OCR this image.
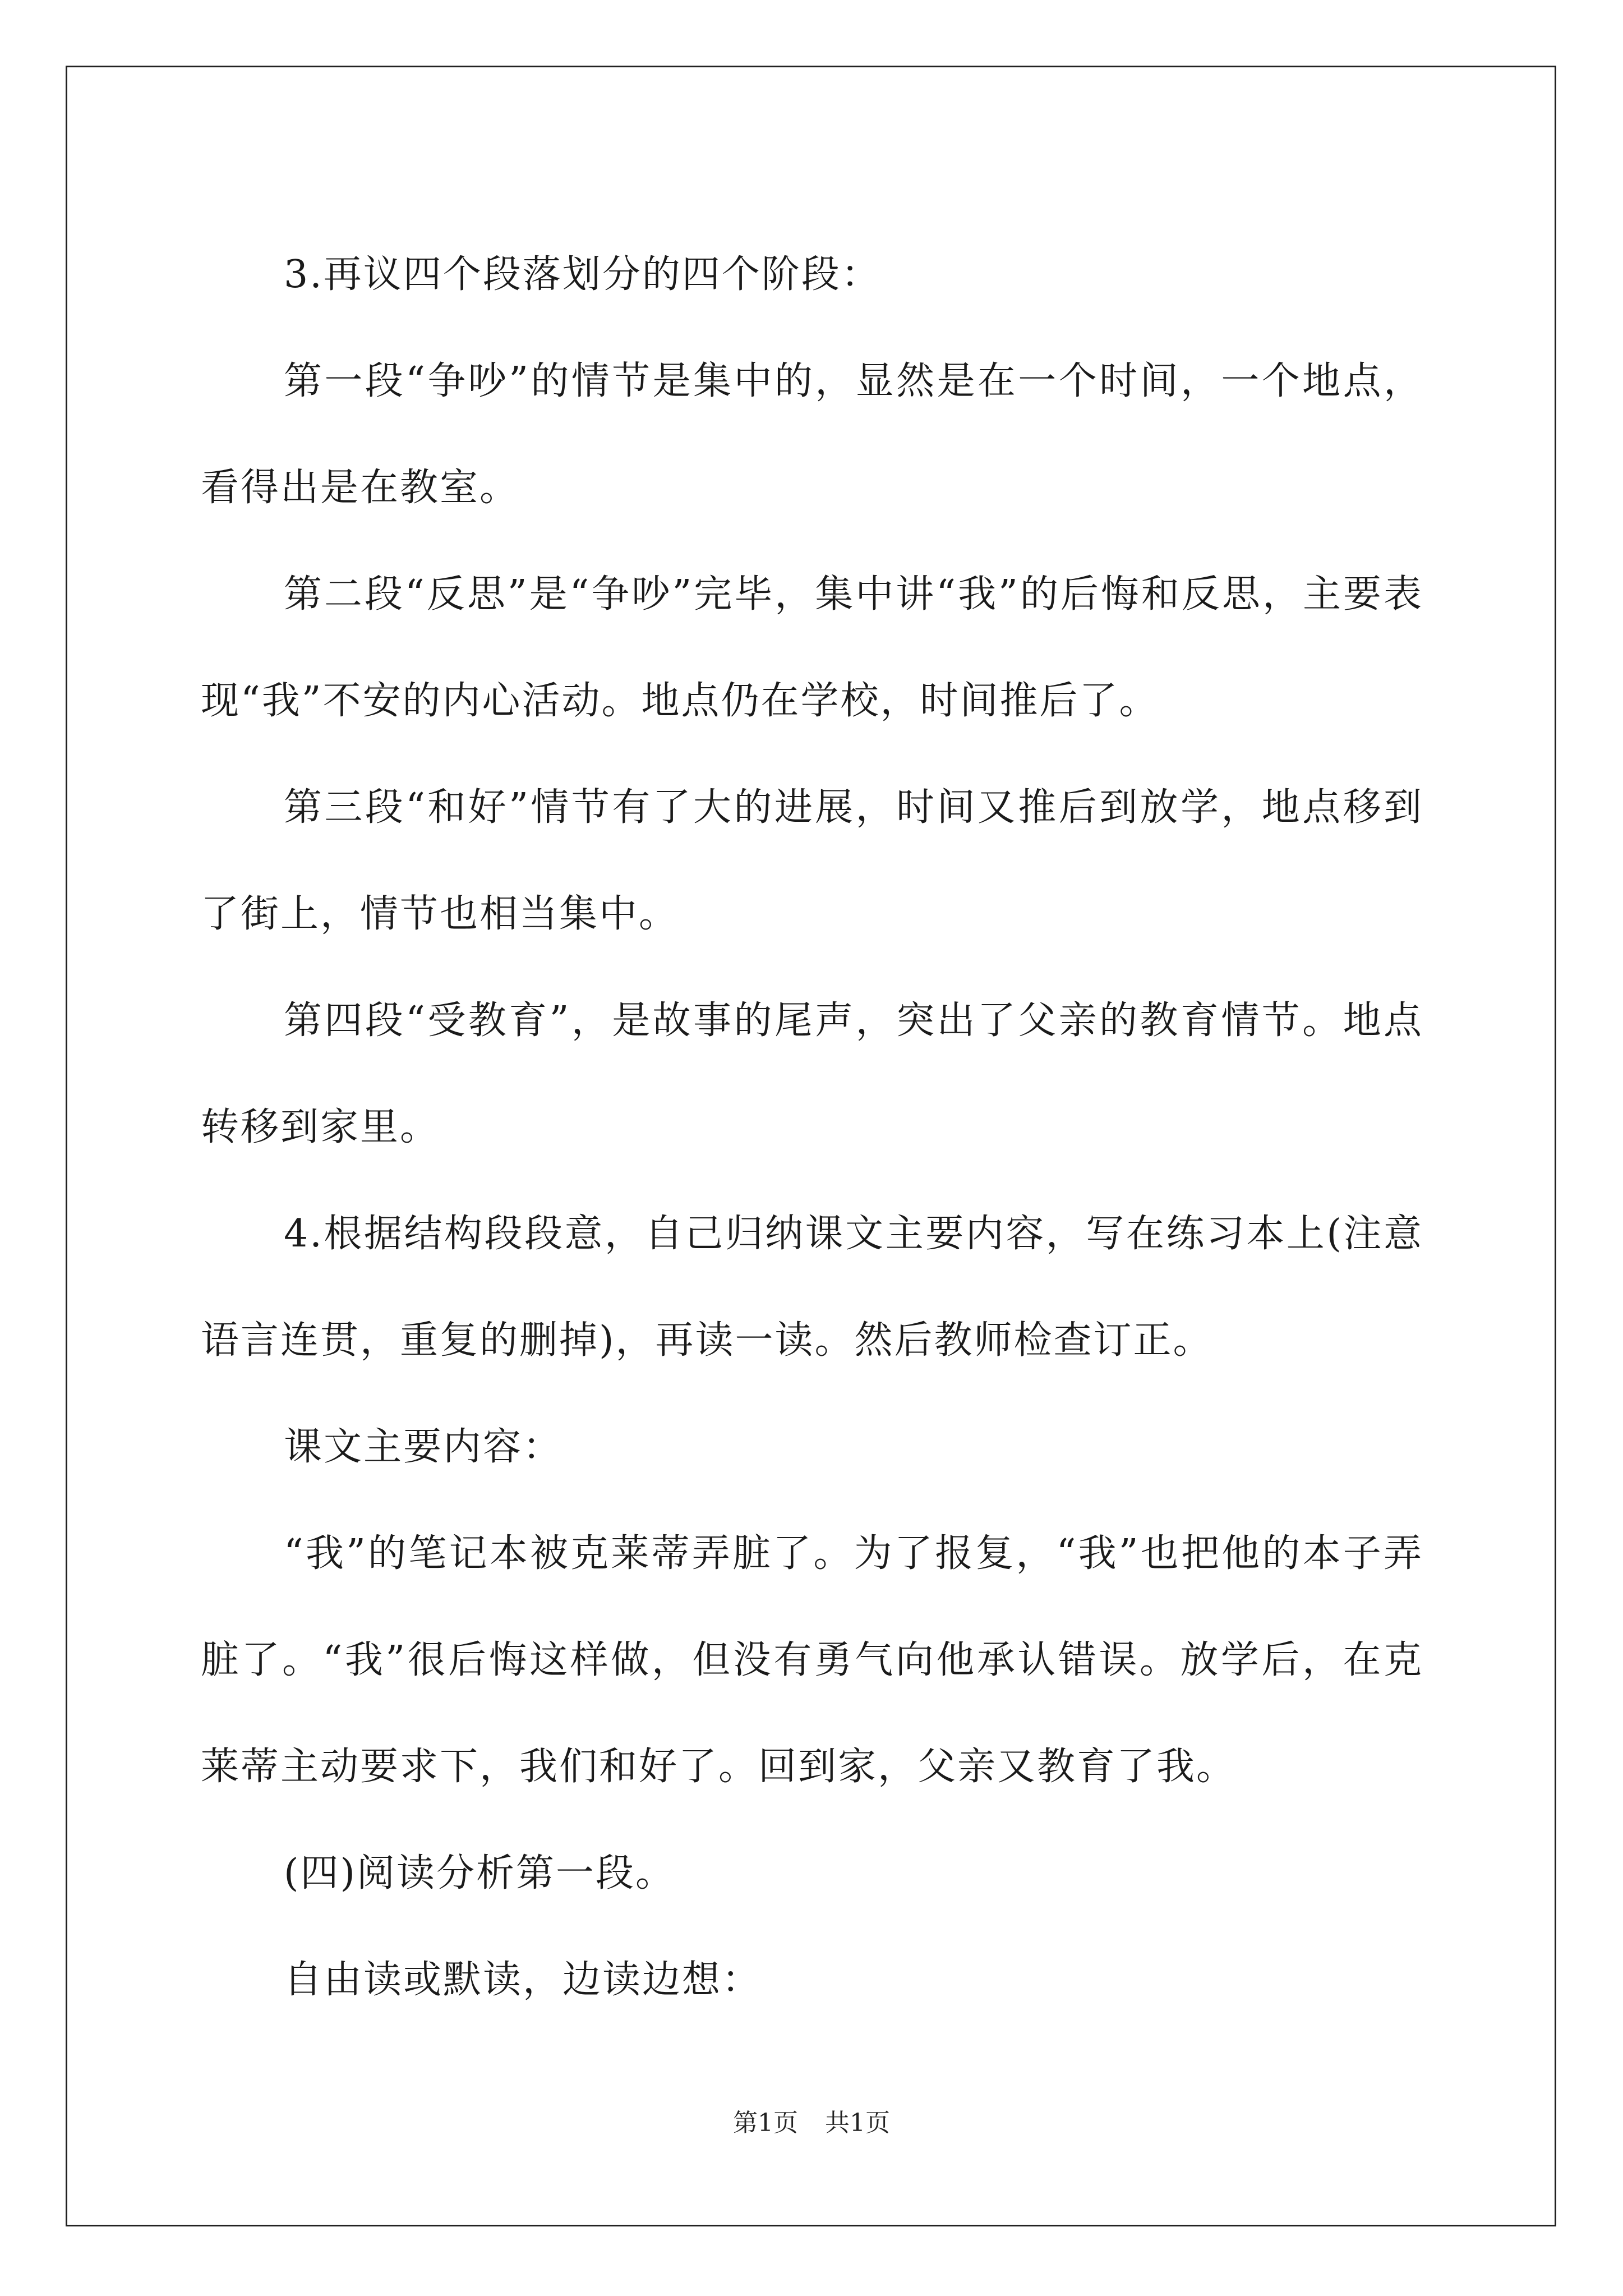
3.再议四个段落划分的四个阶段：

第一段“争吵”的情节是集中的，显然是在一个时间，一个地点，看得出是在教室。

第二段“反思”是“争吵”完毕，集中讲“我”的后悔和反思，主要表现“我”不安的内心活动。地点仍在学校，时间推后了。

第三段“和好”情节有了大的进展，时间又推后到放学，地点移到了街上，情节也相当集中。

第四段“受教育”，是故事的尾声，突出了父亲的教育情节。地点转移到家里。

4.根据结构段段意，自己归纳课文主要内容，写在练习本上(注意语言连贯，重复的删掉)，再读一读。然后教师检查订正。

课文主要内容：

“我”的笔记本被克莱蒂弄脏了。为了报复，“我”也把他的本子弄脏了。“我”很后悔这样做，但没有勇气向他承认错误。放学后，在克莱蒂主动要求下，我们和好了。回到家，父亲又教育了我。

(四)阅读分析第一段。

自由读或默读，边读边想：

第1页 共1页
